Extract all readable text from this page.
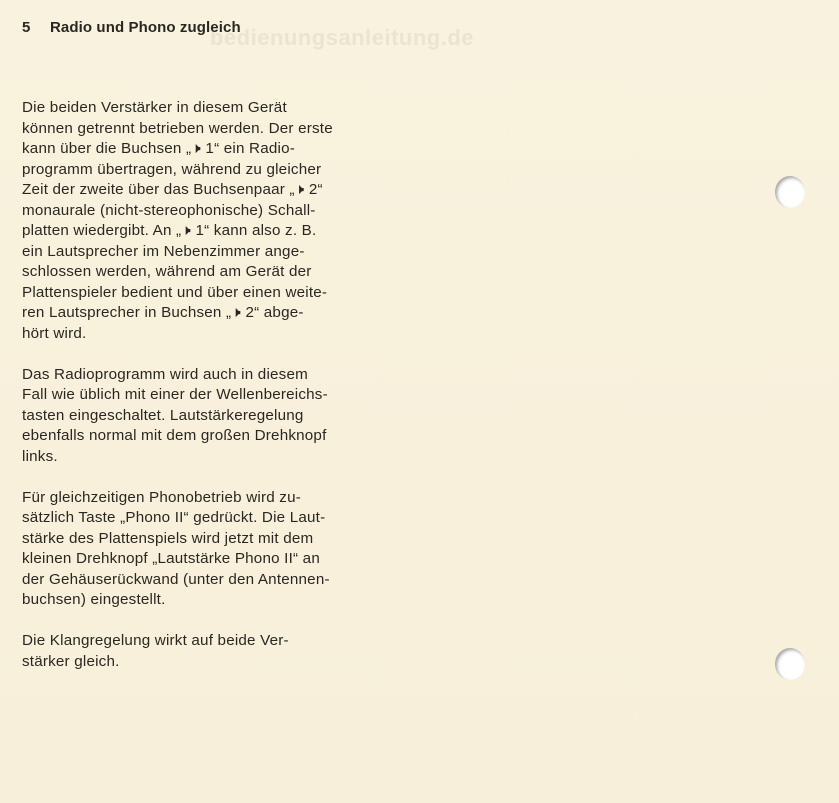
5 Radio und Phono zugleich
bedienungsanleitung.de

Die beiden Verstärker in diesem Gerät
können getrennt betrieben werden. Der erste
kann über die Buchsen „🕨 1“ ein Radio-
programm übertragen, während zu gleicher
Zeit der zweite über das Buchsenpaar „🕨 2“
monaurale (nicht-stereophonische) Schall-
platten wiedergibt. An „🕨 1“ kann also z. B.
ein Lautsprecher im Nebenzimmer ange-
schlossen werden, während am Gerät der
Plattenspieler bedient und über einen weite-
ren Lautsprecher in Buchsen „🕨 2“ abge-
hört wird.

Das Radioprogramm wird auch in diesem
Fall wie üblich mit einer der Wellenbereichs-
tasten eingeschaltet. Lautstärkeregelung
ebenfalls normal mit dem großen Drehknopf
links.

Für gleichzeitigen Phonobetrieb wird zu-
sätzlich Taste „Phono II“ gedrückt. Die Laut-
stärke des Plattenspiels wird jetzt mit dem
kleinen Drehknopf „Lautstärke Phono II“ an
der Gehäuserückwand (unter den Antennen-
buchsen) eingestellt.

Die Klangregelung wirkt auf beide Ver-
stärker gleich.
